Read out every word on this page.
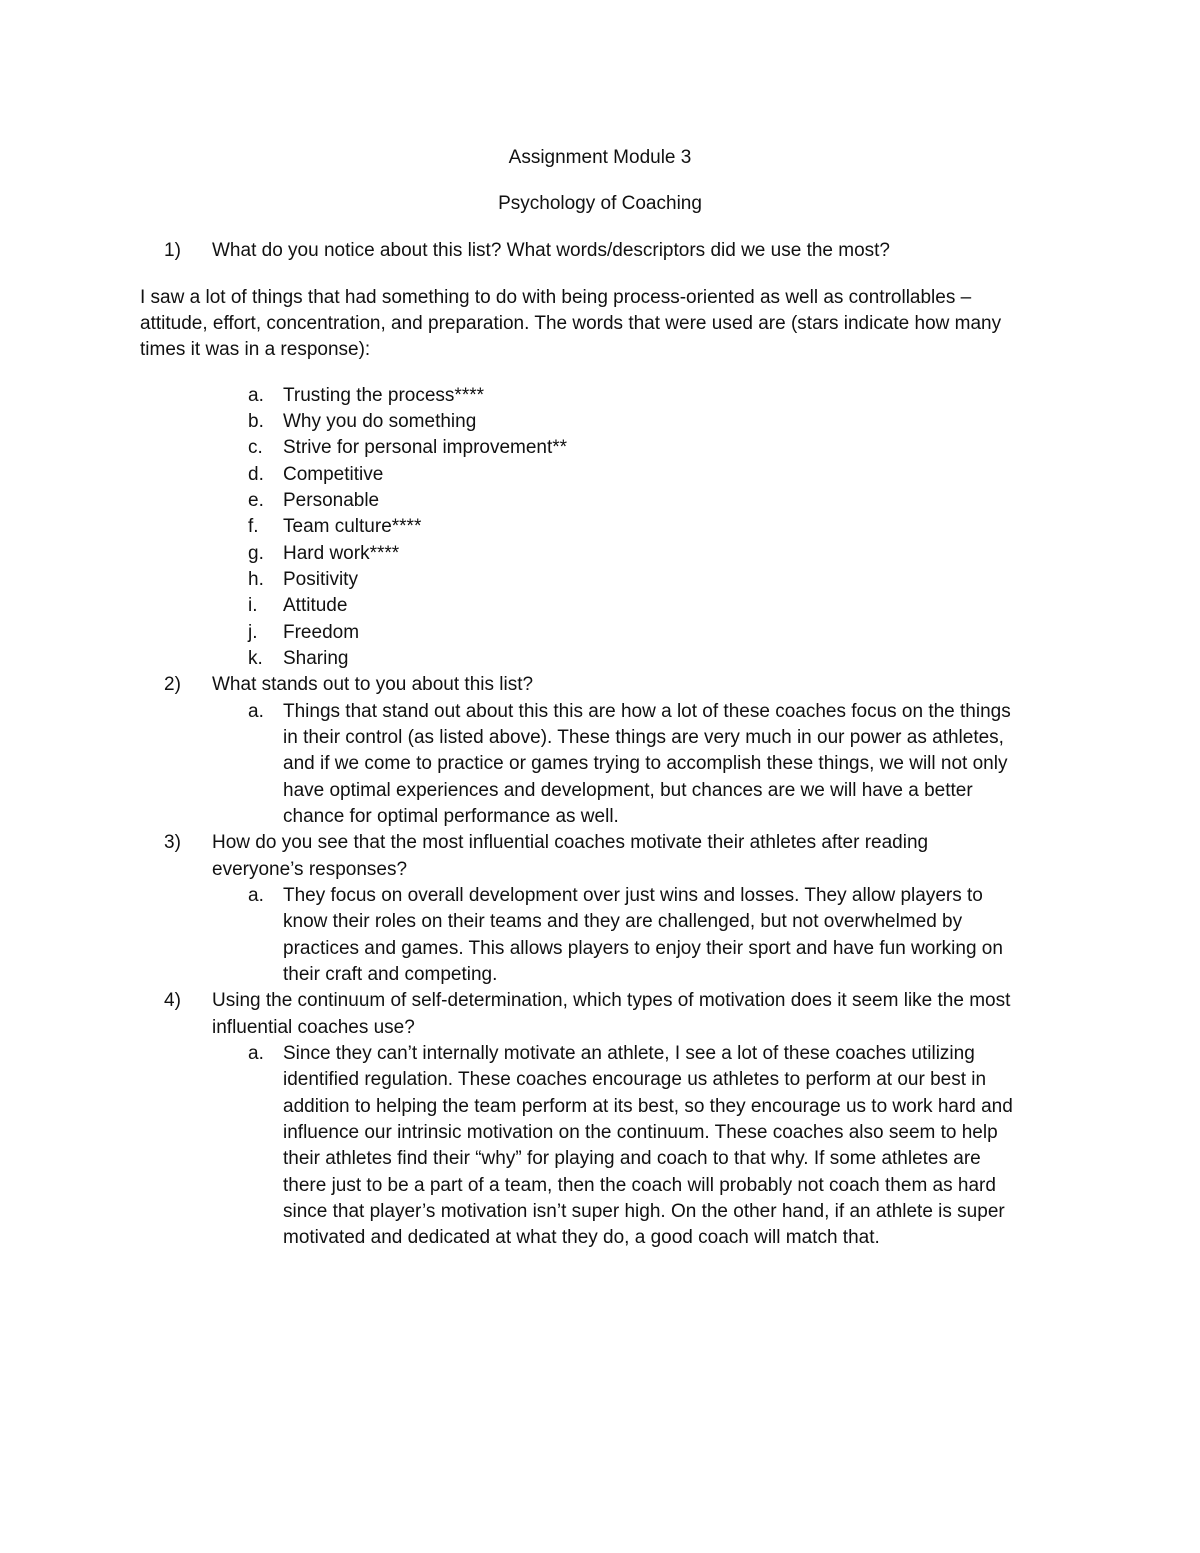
Assignment Module 3
Psychology of Coaching
1) What do you notice about this list? What words/descriptors did we use the most?
I saw a lot of things that had something to do with being process-oriented as well as controllables –
attitude, effort, concentration, and preparation. The words that were used are (stars indicate how many
times it was in a response):
a. Trusting the process****
b. Why you do something
c. Strive for personal improvement**
d. Competitive
e. Personable
f. Team culture****
g. Hard work****
h. Positivity
i. Attitude
j. Freedom
k. Sharing
2) What stands out to you about this list?
a. Things that stand out about this this are how a lot of these coaches focus on the things
in their control (as listed above). These things are very much in our power as athletes,
and if we come to practice or games trying to accomplish these things, we will not only
have optimal experiences and development, but chances are we will have a better
chance for optimal performance as well.
3) How do you see that the most influential coaches motivate their athletes after reading
everyone’s responses?
a. They focus on overall development over just wins and losses. They allow players to
know their roles on their teams and they are challenged, but not overwhelmed by
practices and games. This allows players to enjoy their sport and have fun working on
their craft and competing.
4) Using the continuum of self-determination, which types of motivation does it seem like the most
influential coaches use?
a. Since they can’t internally motivate an athlete, I see a lot of these coaches utilizing
identified regulation. These coaches encourage us athletes to perform at our best in
addition to helping the team perform at its best, so they encourage us to work hard and
influence our intrinsic motivation on the continuum. These coaches also seem to help
their athletes find their “why” for playing and coach to that why. If some athletes are
there just to be a part of a team, then the coach will probably not coach them as hard
since that player’s motivation isn’t super high. On the other hand, if an athlete is super
motivated and dedicated at what they do, a good coach will match that.
